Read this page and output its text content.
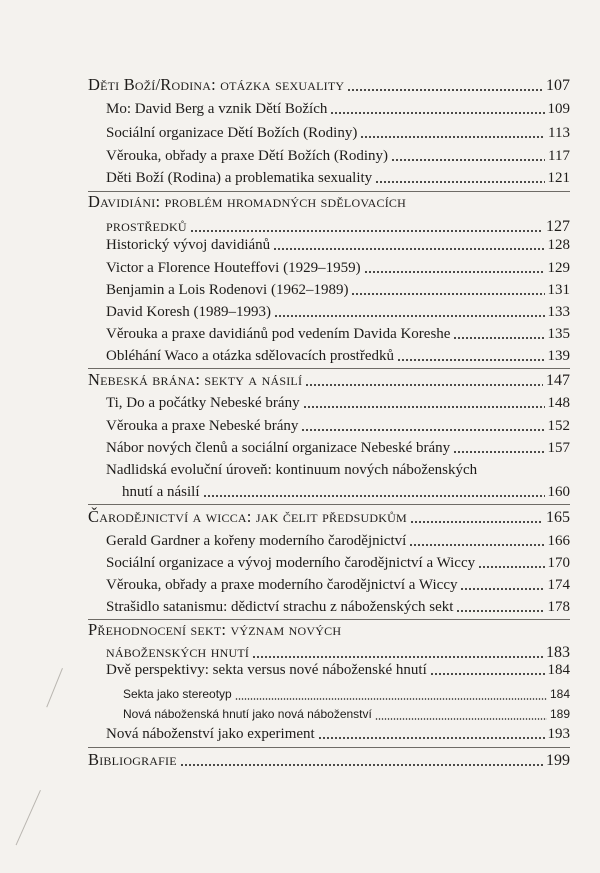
Děti Boží/Rodina: otázka sexuality	107
Mo: David Berg a vznik Dětí Božích	109
Sociální organizace Dětí Božích (Rodiny)	113
Věrouka, obřady a praxe Dětí Božích (Rodiny)	117
Děti Boží (Rodina) a problematika sexuality	121
Davidiáni: problém hromadných sdělovacích
prostředků	127
Historický vývoj davidiánů	128
Victor a Florence Houteffovi (1929–1959)	129
Benjamin a Lois Rodenovi (1962–1989)	131
David Koresh (1989–1993)	133
Věrouka a praxe davidiánů pod vedením Davida Koreshe	135
Obléhání Waco a otázka sdělovacích prostředků	139
Nebeská brána: sekty a násilí	147
Ti, Do a počátky Nebeské brány	148
Věrouka a praxe Nebeské brány	152
Nábor nových členů a sociální organizace Nebeské brány	157
Nadlidská evoluční úroveň: kontinuum nových náboženských
hnutí a násilí	160
Čarodějnictví a wicca: jak čelit předsudkům	165
Gerald Gardner a kořeny moderního čarodějnictví	166
Sociální organizace a vývoj moderního čarodějnictví a Wiccy	170
Věrouka, obřady a praxe moderního čarodějnictví a Wiccy	174
Strašidlo satanismu: dědictví strachu z náboženských sekt	178
Přehodnocení sekt: význam nových
náboženských hnutí	183
Dvě perspektivy: sekta versus nové náboženské hnutí	184
Sekta jako stereotyp	184
Nová náboženská hnutí jako nová náboženství	189
Nová náboženství jako experiment	193
Bibliografie	199
